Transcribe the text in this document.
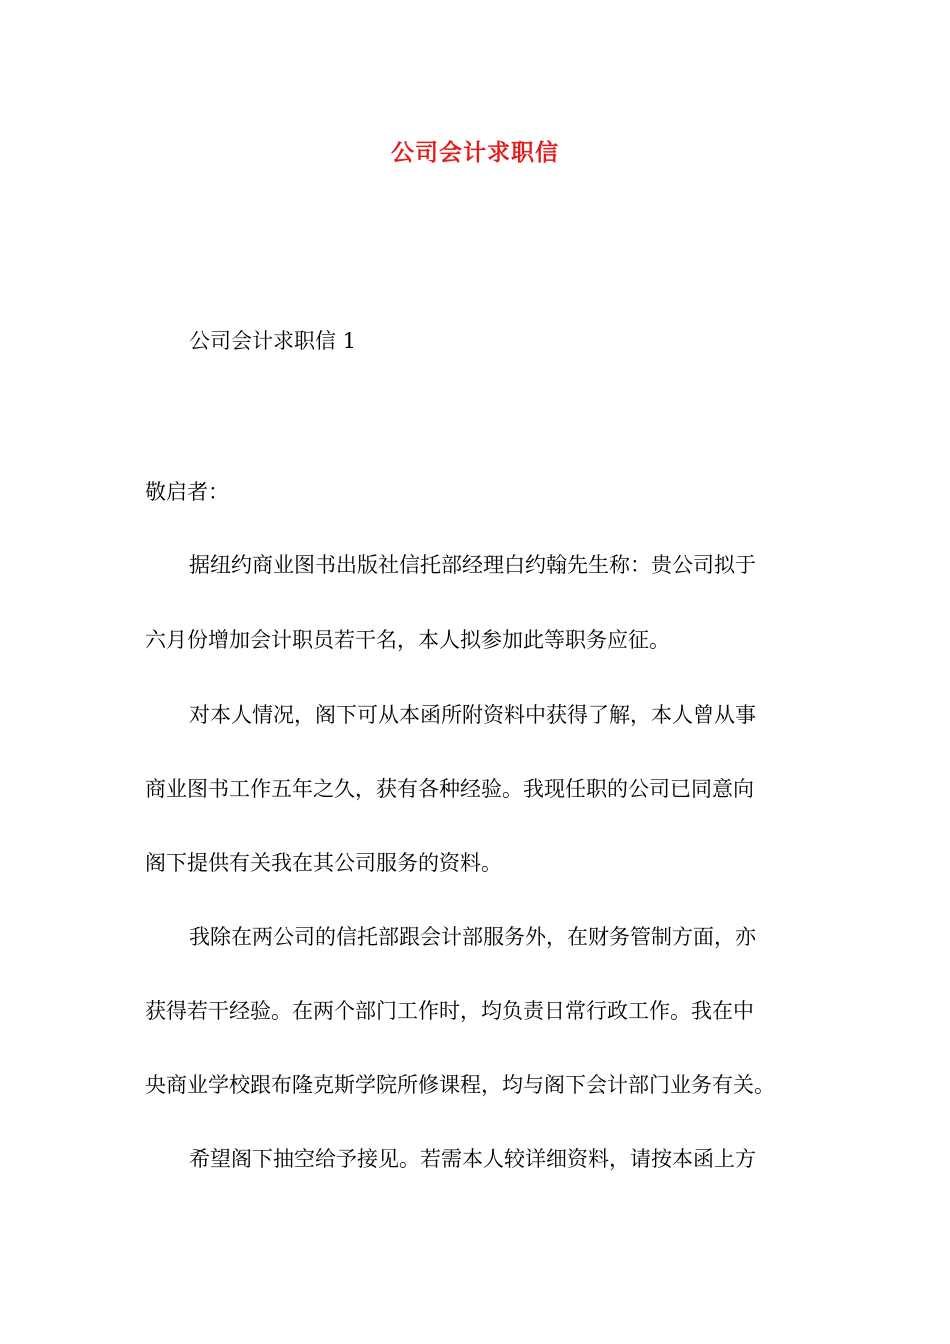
公司会计求职信

公司会计求职信 1

敬启者：

据纽约商业图书出版社信托部经理白约翰先生称：贵公司拟于

六月份增加会计职员若干名，本人拟参加此等职务应征。

对本人情况，阁下可从本函所附资料中获得了解，本人曾从事

商业图书工作五年之久，获有各种经验。我现任职的公司已同意向

阁下提供有关我在其公司服务的资料。

我除在两公司的信托部跟会计部服务外，在财务管制方面，亦

获得若干经验。在两个部门工作时，均负责日常行政工作。我在中

央商业学校跟布隆克斯学院所修课程，均与阁下会计部门业务有关。

希望阁下抽空给予接见。若需本人较详细资料，请按本函上方
